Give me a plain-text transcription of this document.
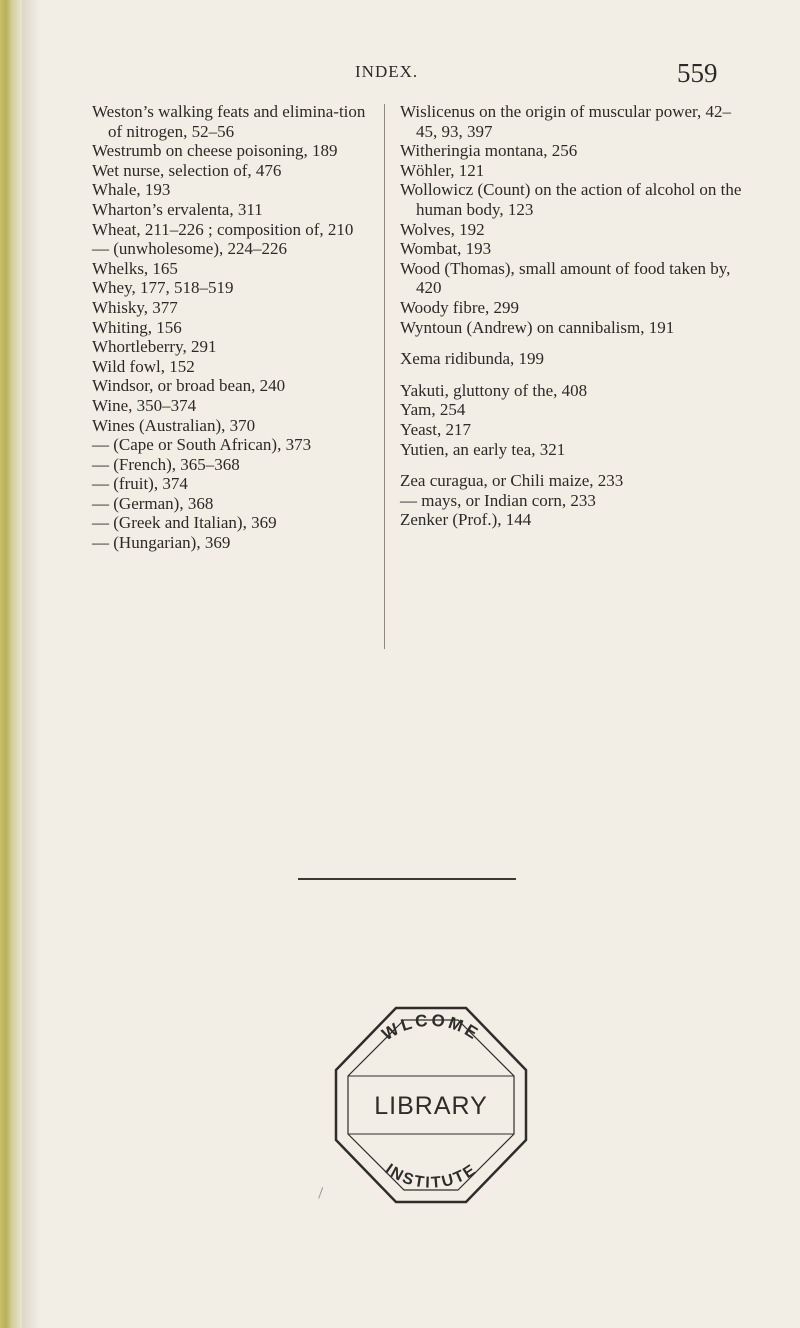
INDEX.	559
Weston’s walking feats and elimina-tion of nitrogen, 52–56
Westrumb on cheese poisoning, 189
Wet nurse, selection of, 476
Whale, 193
Wharton’s ervalenta, 311
Wheat, 211–226 ; composition of, 210
— (unwholesome), 224–226
Whelks, 165
Whey, 177, 518–519
Whisky, 377
Whiting, 156
Whortleberry, 291
Wild fowl, 152
Windsor, or broad bean, 240
Wine, 350–374
Wines (Australian), 370
— (Cape or South African), 373
— (French), 365–368
— (fruit), 374
— (German), 368
— (Greek and Italian), 369
— (Hungarian), 369
Wislicenus on the origin of muscular power, 42–45, 93, 397
Witheringia montana, 256
Wöhler, 121
Wollowicz (Count) on the action of alcohol on the human body, 123
Wolves, 192
Wombat, 193
Wood (Thomas), small amount of food taken by, 420
Woody fibre, 299
Wyntoun (Andrew) on cannibalism, 191
Xema ridibunda, 199
Yakuti, gluttony of the, 408
Yam, 254
Yeast, 217
Yutien, an early tea, 321
Zea curagua, or Chili maize, 233
— mays, or Indian corn, 233
Zenker (Prof.), 144
WLCOME
LIBRARY
INSTITUTE
